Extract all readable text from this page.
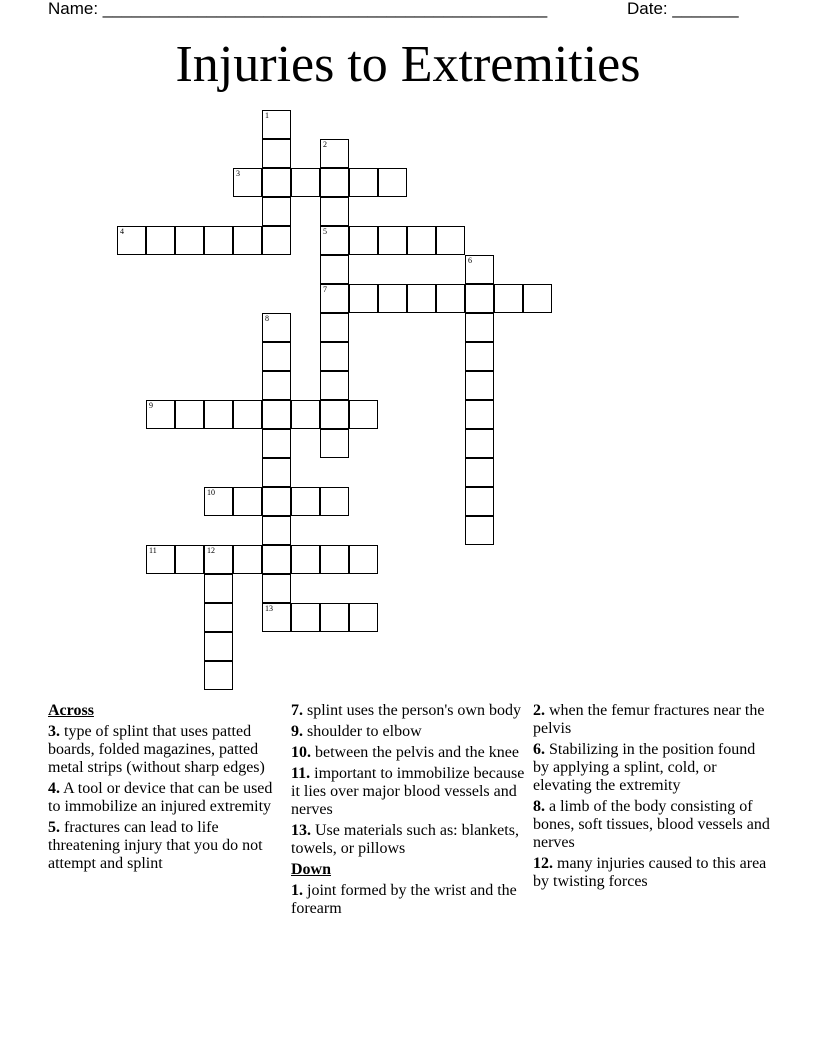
Name: _______________________________________________	Date: _______
Injuries to Extremities
1
2
5
7
3
4
6
8
13
9
10
11	12
Across
3. type of splint that uses patted boards, folded magazines, patted metal strips (without sharp edges)
4. A tool or device that can be used to immobilize an injured extremity
5. fractures can lead to life threatening injury that you do not attempt and splint
7. splint uses the person's own body
9. shoulder to elbow
10. between the pelvis and the knee
11. important to immobilize because it lies over major blood vessels and nerves
13. Use materials such as: blankets, towels, or pillows
Down
1. joint formed by the wrist and the forearm
2. when the femur fractures near the pelvis
6. Stabilizing in the position found by applying a splint, cold, or elevating the extremity
8. a limb of the body consisting of bones, soft tissues, blood vessels and nerves
12. many injuries caused to this area by twisting forces
